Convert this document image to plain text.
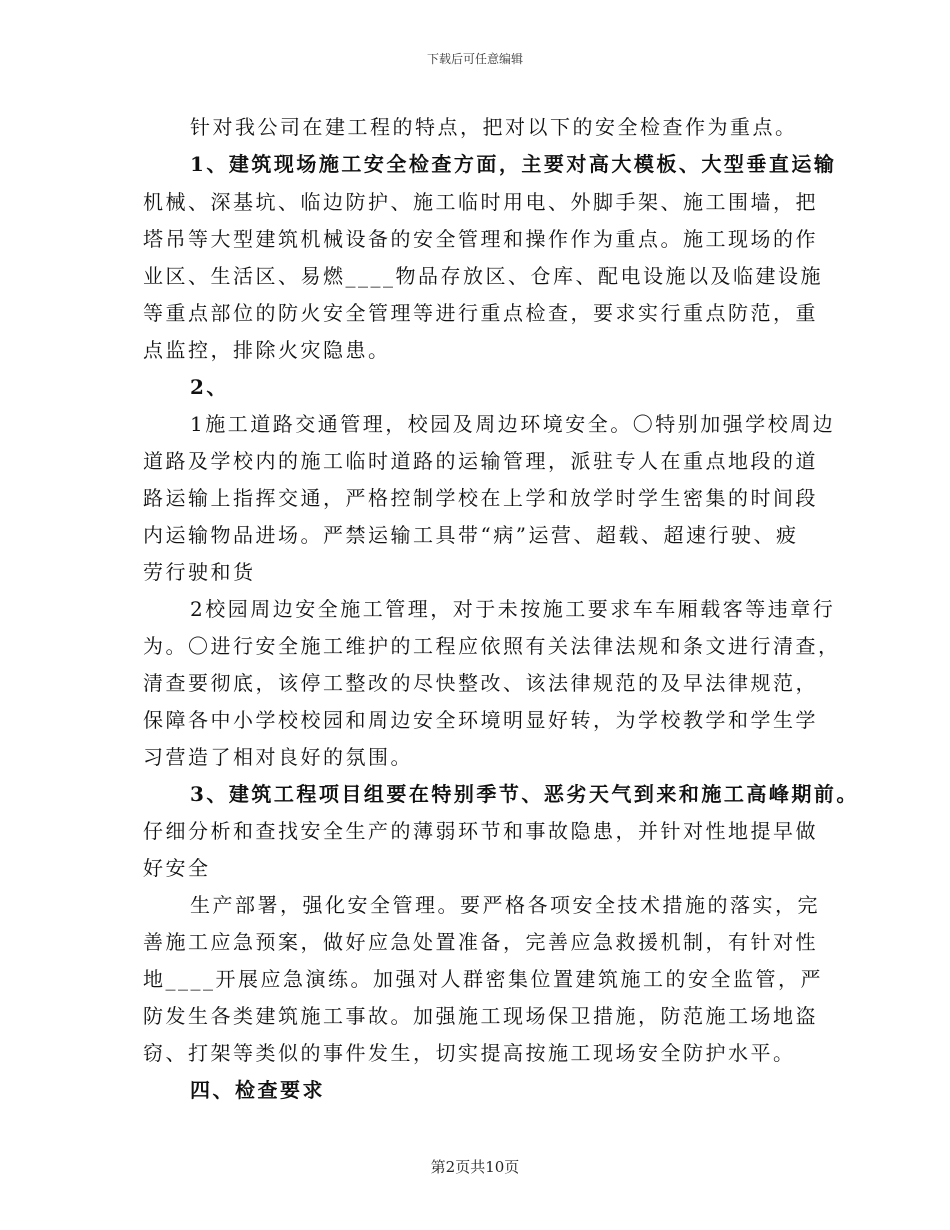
下载后可任意编辑
针对我公司在建工程的特点，把对以下的安全检查作为重点。
1、建筑现场施工安全检查方面，主要对高大模板、大型垂直运输
机械、深基坑、临边防护、施工临时用电、外脚手架、施工围墙，把
塔吊等大型建筑机械设备的安全管理和操作作为重点。施工现场的作
业区、生活区、易燃____物品存放区、仓库、配电设施以及临建设施
等重点部位的防火安全管理等进行重点检查，要求实行重点防范，重
点监控，排除火灾隐患。
2、
1施工道路交通管理，校园及周边环境安全。〇特别加强学校周边
道路及学校内的施工临时道路的运输管理，派驻专人在重点地段的道
路运输上指挥交通，严格控制学校在上学和放学时学生密集的时间段
内运输物品进场。严禁运输工具带“病”运营、超载、超速行驶、疲
劳行驶和货
2校园周边安全施工管理，对于未按施工要求车车厢载客等违章行
为。〇进行安全施工维护的工程应依照有关法律法规和条文进行清查，
清查要彻底，该停工整改的尽快整改、该法律规范的及早法律规范，
保障各中小学校校园和周边安全环境明显好转，为学校教学和学生学
习营造了相对良好的氛围。
3、建筑工程项目组要在特别季节、恶劣天气到来和施工高峰期前。
仔细分析和查找安全生产的薄弱环节和事故隐患，并针对性地提早做
好安全
生产部署，强化安全管理。要严格各项安全技术措施的落实，完
善施工应急预案，做好应急处置准备，完善应急救援机制，有针对性
地____开展应急演练。加强对人群密集位置建筑施工的安全监管，严
防发生各类建筑施工事故。加强施工现场保卫措施，防范施工场地盗
窃、打架等类似的事件发生，切实提高按施工现场安全防护水平。
四、检查要求
第2页共10页
